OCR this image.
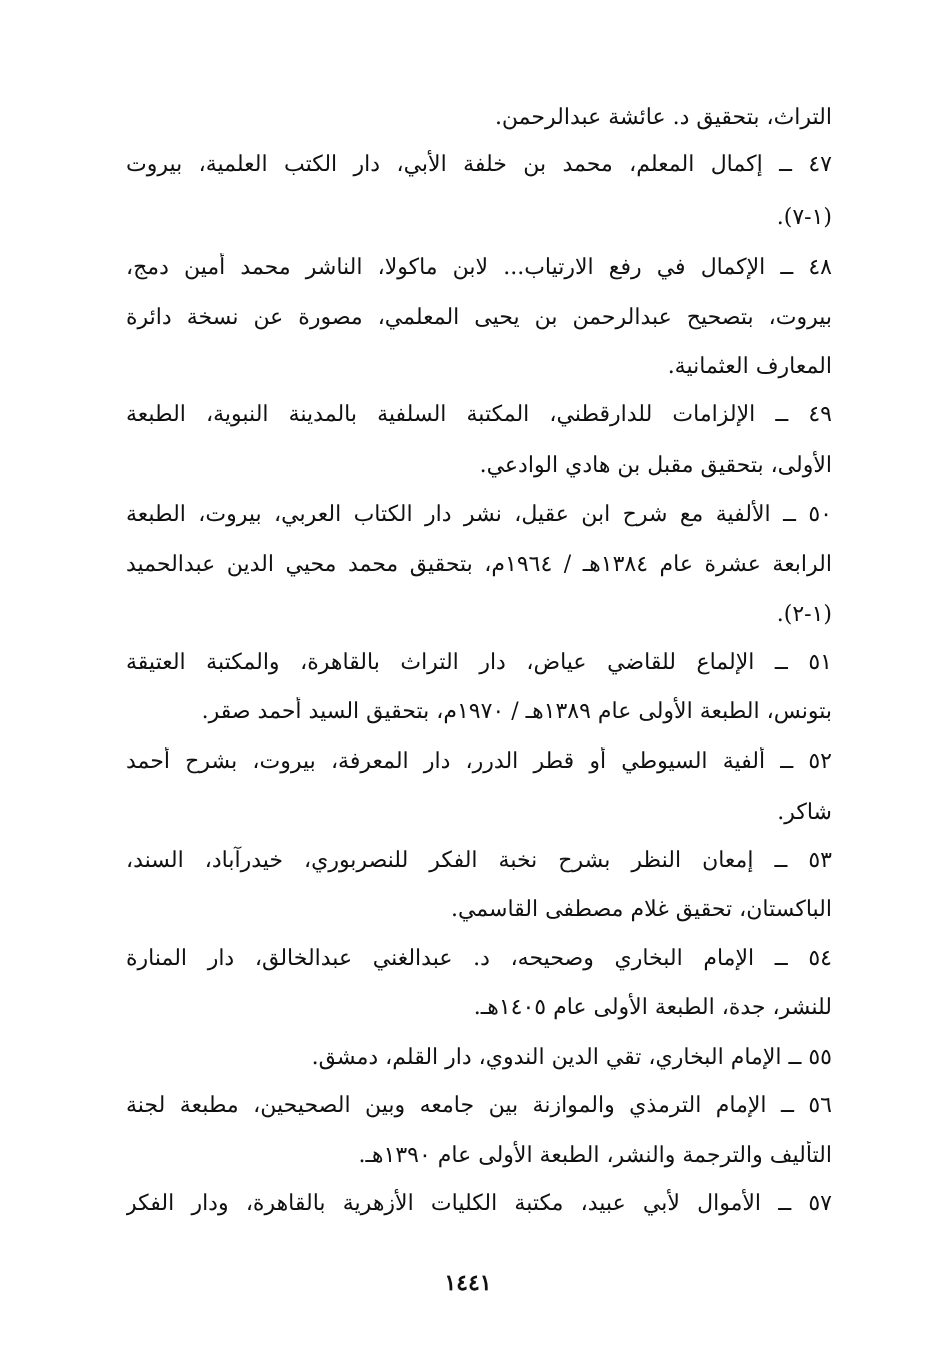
التراث، بتحقيق د. عائشة عبدالرحمن.
٤٧ ــ إكمال المعلم، محمد بن خلفة الأبي، دار الكتب العلمية، بيروت
(١-٧).
٤٨ ــ الإكمال في رفع الارتياب... لابن ماكولا، الناشر محمد أمين دمج،
بيروت، بتصحيح عبدالرحمن بن يحيى المعلمي، مصورة عن نسخة دائرة
المعارف العثمانية.
٤٩ ــ الإلزامات للدارقطني، المكتبة السلفية بالمدينة النبوية، الطبعة
الأولى، بتحقيق مقبل بن هادي الوادعي.
٥٠ ــ الألفية مع شرح ابن عقيل، نشر دار الكتاب العربي، بيروت، الطبعة
الرابعة عشرة عام ١٣٨٤هـ / ١٩٦٤م، بتحقيق محمد محيي الدين عبدالحميد
(١-٢).
٥١ ــ الإلماع للقاضي عياض، دار التراث بالقاهرة، والمكتبة العتيقة
بتونس، الطبعة الأولى عام ١٣٨٩هـ / ١٩٧٠م، بتحقيق السيد أحمد صقر.
٥٢ ــ ألفية السيوطي أو قطر الدرر، دار المعرفة، بيروت، بشرح أحمد
شاكر.
٥٣ ــ إمعان النظر بشرح نخبة الفكر للنصربوري، خيدرآباد، السند،
الباكستان، تحقيق غلام مصطفى القاسمي.
٥٤ ــ الإمام البخاري وصحيحه، د. عبدالغني عبدالخالق، دار المنارة
للنشر، جدة، الطبعة الأولى عام ١٤٠٥هـ.
٥٥ ــ الإمام البخاري، تقي الدين الندوي، دار القلم، دمشق.
٥٦ ــ الإمام الترمذي والموازنة بين جامعه وبين الصحيحين، مطبعة لجنة
التأليف والترجمة والنشر، الطبعة الأولى عام ١٣٩٠هـ.
٥٧ ــ الأموال لأبي عبيد، مكتبة الكليات الأزهرية بالقاهرة، ودار الفكر
١٤٤١
